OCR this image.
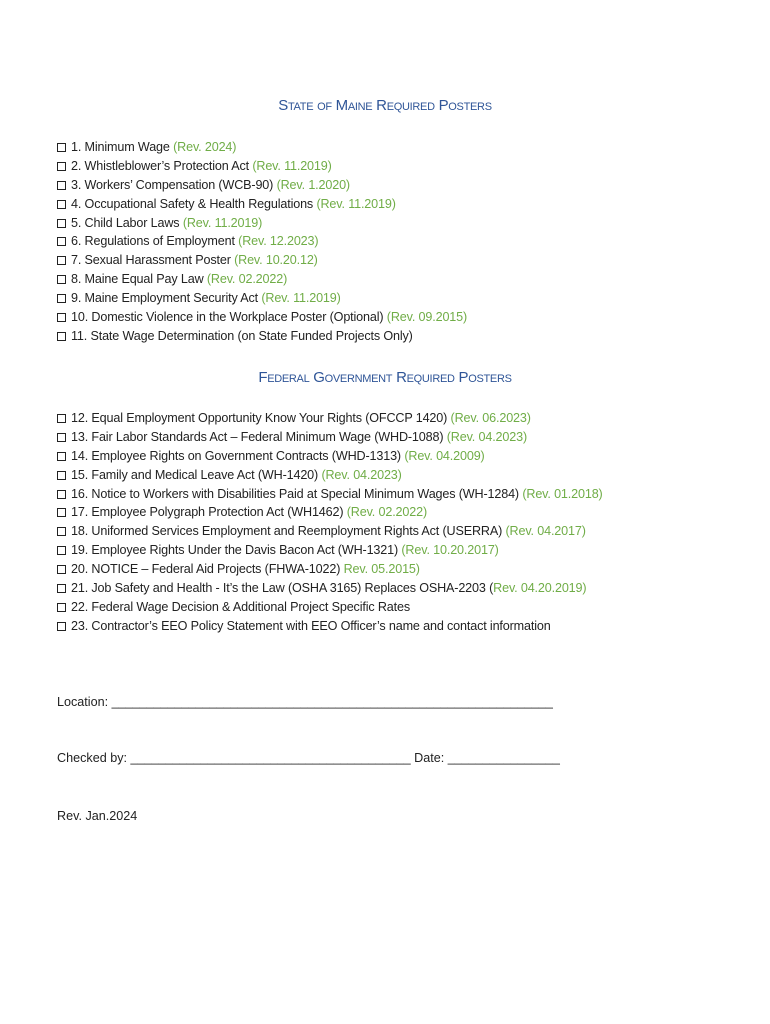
State of Maine Required Posters
1. Minimum Wage (Rev. 2024)
2. Whistleblower’s Protection Act (Rev. 11.2019)
3. Workers’ Compensation (WCB-90) (Rev. 1.2020)
4. Occupational Safety & Health Regulations (Rev. 11.2019)
5. Child Labor Laws (Rev. 11.2019)
6. Regulations of Employment (Rev. 12.2023)
7. Sexual Harassment Poster (Rev. 10.20.12)
8. Maine Equal Pay Law (Rev. 02.2022)
9. Maine Employment Security Act (Rev. 11.2019)
10. Domestic Violence in the Workplace Poster (Optional) (Rev. 09.2015)
11. State Wage Determination (on State Funded Projects Only)
Federal Government Required Posters
12. Equal Employment Opportunity Know Your Rights (OFCCP 1420) (Rev. 06.2023)
13. Fair Labor Standards Act – Federal Minimum Wage (WHD-1088) (Rev. 04.2023)
14. Employee Rights on Government Contracts (WHD-1313) (Rev. 04.2009)
15. Family and Medical Leave Act (WH-1420) (Rev. 04.2023)
16. Notice to Workers with Disabilities Paid at Special Minimum Wages (WH-1284) (Rev. 01.2018)
17. Employee Polygraph Protection Act (WH1462) (Rev. 02.2022)
18. Uniformed Services Employment and Reemployment Rights Act (USERRA) (Rev. 04.2017)
19. Employee Rights Under the Davis Bacon Act (WH-1321) (Rev. 10.20.2017)
20. NOTICE – Federal Aid Projects (FHWA-1022) Rev. 05.2015)
21. Job Safety and Health - It’s the Law (OSHA 3165) Replaces OSHA-2203 (Rev. 04.20.2019)
22. Federal Wage Decision & Additional Project Specific Rates
23. Contractor’s EEO Policy Statement with EEO Officer’s name and contact information
Location: _______________________________________________________________
Checked by: ________________________________________ Date: ________________
Rev. Jan.2024
